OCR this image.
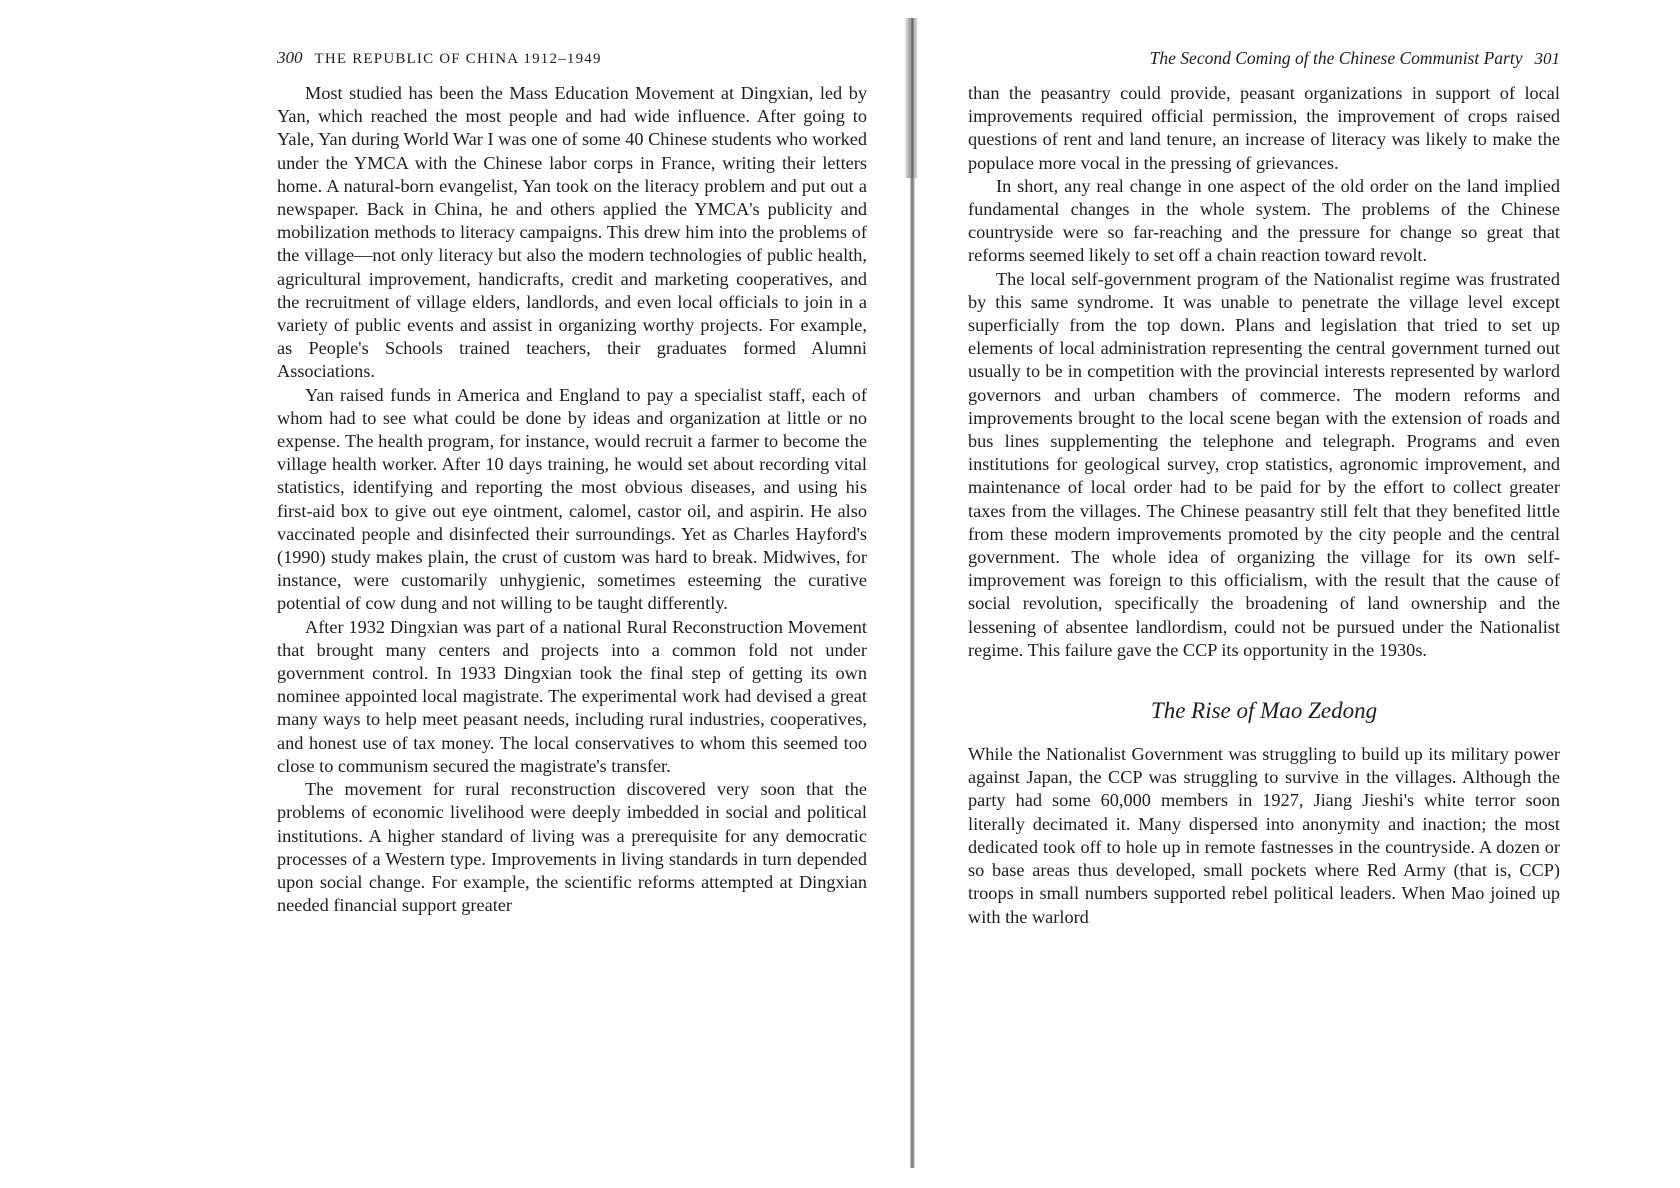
300 THE REPUBLIC OF CHINA 1912–1949

Most studied has been the Mass Education Movement at Dingxian, led by Yan, which reached the most people and had wide influence. After going to Yale, Yan during World War I was one of some 40 Chinese students who worked under the YMCA with the Chinese labor corps in France, writing their letters home. A natural-born evangelist, Yan took on the literacy problem and put out a newspaper. Back in China, he and others applied the YMCA's publicity and mobilization methods to literacy campaigns. This drew him into the problems of the village—not only literacy but also the modern technologies of public health, agricultural improvement, handicrafts, credit and marketing cooperatives, and the recruitment of village elders, landlords, and even local officials to join in a variety of public events and assist in organizing worthy projects. For example, as People's Schools trained teachers, their graduates formed Alumni Associations.

Yan raised funds in America and England to pay a specialist staff, each of whom had to see what could be done by ideas and organization at little or no expense. The health program, for instance, would recruit a farmer to become the village health worker. After 10 days training, he would set about recording vital statistics, identifying and reporting the most obvious diseases, and using his first-aid box to give out eye ointment, calomel, castor oil, and aspirin. He also vaccinated people and disinfected their surroundings. Yet as Charles Hayford's (1990) study makes plain, the crust of custom was hard to break. Midwives, for instance, were customarily unhygienic, sometimes esteeming the curative potential of cow dung and not willing to be taught differently.

After 1932 Dingxian was part of a national Rural Reconstruction Movement that brought many centers and projects into a common fold not under government control. In 1933 Dingxian took the final step of getting its own nominee appointed local magistrate. The experimental work had devised a great many ways to help meet peasant needs, including rural industries, cooperatives, and honest use of tax money. The local conservatives to whom this seemed too close to communism secured the magistrate's transfer.

The movement for rural reconstruction discovered very soon that the problems of economic livelihood were deeply imbedded in social and political institutions. A higher standard of living was a prerequisite for any democratic processes of a Western type. Improvements in living standards in turn depended upon social change. For example, the scientific reforms attempted at Dingxian needed financial support greater

The Second Coming of the Chinese Communist Party 301

than the peasantry could provide, peasant organizations in support of local improvements required official permission, the improvement of crops raised questions of rent and land tenure, an increase of literacy was likely to make the populace more vocal in the pressing of grievances.

In short, any real change in one aspect of the old order on the land implied fundamental changes in the whole system. The problems of the Chinese countryside were so far-reaching and the pressure for change so great that reforms seemed likely to set off a chain reaction toward revolt.

The local self-government program of the Nationalist regime was frustrated by this same syndrome. It was unable to penetrate the village level except superficially from the top down. Plans and legislation that tried to set up elements of local administration representing the central government turned out usually to be in competition with the provincial interests represented by warlord governors and urban chambers of commerce. The modern reforms and improvements brought to the local scene began with the extension of roads and bus lines supplementing the telephone and telegraph. Programs and even institutions for geological survey, crop statistics, agronomic improvement, and maintenance of local order had to be paid for by the effort to collect greater taxes from the villages. The Chinese peasantry still felt that they benefited little from these modern improvements promoted by the city people and the central government. The whole idea of organizing the village for its own self-improvement was foreign to this officialism, with the result that the cause of social revolution, specifically the broadening of land ownership and the lessening of absentee landlordism, could not be pursued under the Nationalist regime. This failure gave the CCP its opportunity in the 1930s.

The Rise of Mao Zedong

While the Nationalist Government was struggling to build up its military power against Japan, the CCP was struggling to survive in the villages. Although the party had some 60,000 members in 1927, Jiang Jieshi's white terror soon literally decimated it. Many dispersed into anonymity and inaction; the most dedicated took off to hole up in remote fastnesses in the countryside. A dozen or so base areas thus developed, small pockets where Red Army (that is, CCP) troops in small numbers supported rebel political leaders. When Mao joined up with the warlord
